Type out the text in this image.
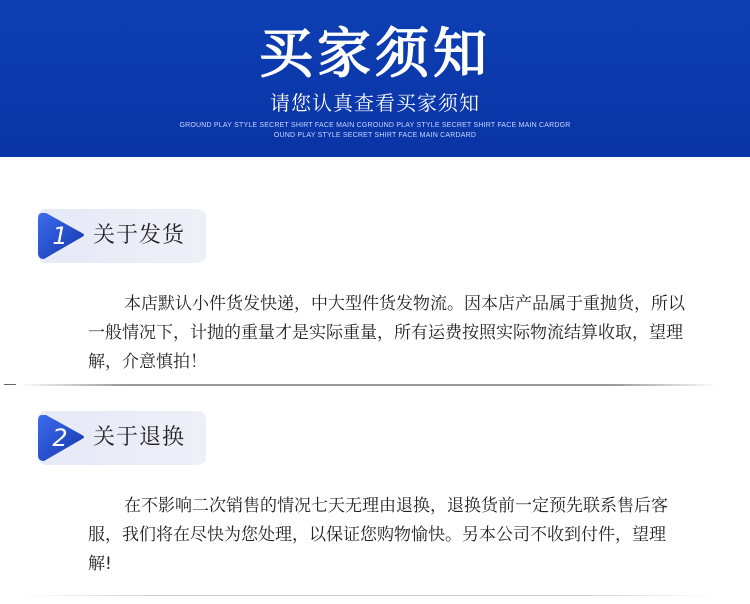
买家须知
请您认真查看买家须知
GROUND PLAY STYLE SECRET SHIRT FACE MAIN CGROUND PLAY STYLE SECRET SHIRT FACE MAIN CARDGR
OUND PLAY STYLE SECRET SHIRT FACE MAIN CARDARD
1	关于发货
本店默认小件货发快递，中大型件货发物流。因本店产品属于重抛货，所以一般情况下，计抛的重量才是实际重量，所有运费按照实际物流结算收取，望理解，介意慎拍！
2	关于退换
在不影响二次销售的情况七天无理由退换，退换货前一定预先联系售后客服，我们将在尽快为您处理，以保证您购物愉快。另本公司不收到付件，望理解!
